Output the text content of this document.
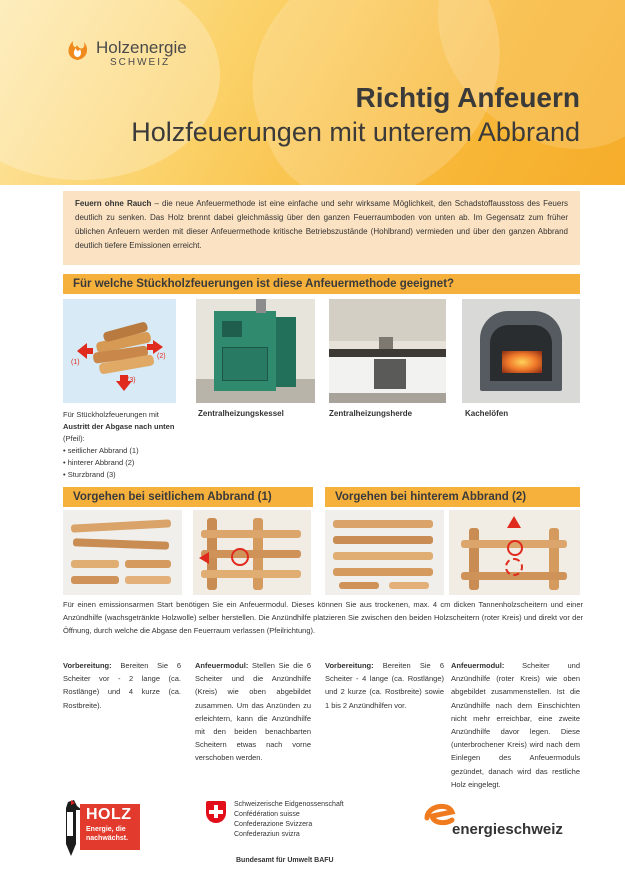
Holzenergie
SCHWEIZ
Richtig Anfeuern
Holzfeuerungen mit unterem Abbrand
Feuern ohne Rauch – die neue Anfeuermethode ist eine einfache und sehr wirksame Möglichkeit, den Schadstoffausstoss des Feuers deutlich zu senken. Das Holz brennt dabei gleichmässig über den ganzen Feuerraumboden von unten ab. Im Gegensatz zum früher üblichen Anfeuern werden mit dieser Anfeuermethode kritische Betriebszustände (Hohlbrand) vermieden und über den ganzen Abbrand deutlich tiefere Emissionen erreicht.
Für welche Stückholzfeuerungen ist diese Anfeuermethode geeignet?
(1)
(2)
(3)
Für Stückholzfeuerungen mit Austritt der Abgase nach unten (Pfeil):
• seitlicher Abbrand (1)
• hinterer Abbrand (2)
• Sturzbrand (3)
Zentralheizungskessel	Zentralheizungsherde	Kachelöfen
Vorgehen bei seitlichem Abbrand (1)	Vorgehen bei hinterem Abbrand (2)
Für einen emissionsarmen Start benötigen Sie ein Anfeuermodul. Dieses können Sie aus trockenen, max. 4 cm dicken Tannenholzscheitern und einer Anzündhilfe (wachsgetränkte Holzwolle) selber herstellen. Die Anzündhilfe platzieren Sie zwischen den beiden Holzscheitern (roter Kreis) und direkt vor der Öffnung, durch welche die Abgase den Feuerraum verlassen (Pfeilrichtung).
Vorbereitung: Bereiten Sie 6 Scheiter vor - 2 lange (ca. Rostlänge) und 4 kurze (ca. Rostbreite).
Anfeuermodul: Stellen Sie die 6 Scheiter und die Anzündhilfe (Kreis) wie oben abgebildet zusammen. Um das Anzünden zu erleichtern, kann die Anzündhilfe mit den beiden benachbarten Scheitern etwas nach vorne verschoben werden.
Vorbereitung: Bereiten Sie 6 Scheiter - 4 lange (ca. Rostlänge) und 2 kurze (ca. Rostbreite) sowie 1 bis 2 Anzündhilfen vor.
Anfeuermodul: Scheiter und Anzündhilfe (roter Kreis) wie oben abgebildet zusammenstellen. Ist die Anzündhilfe nach dem Einschichten nicht mehr erreichbar, eine zweite Anzündhilfe davor legen. Diese (unterbrochener Kreis) wird nach dem Einlegen des Anfeuermoduls gezündet, danach wird das restliche Holz eingelegt.
HOLZ
Energie, die
nachwächst.
Schweizerische Eidgenossenschaft
Confédération suisse
Confederazione Svizzera
Confederaziun svizra
Bundesamt für Umwelt BAFU
energieschweiz
